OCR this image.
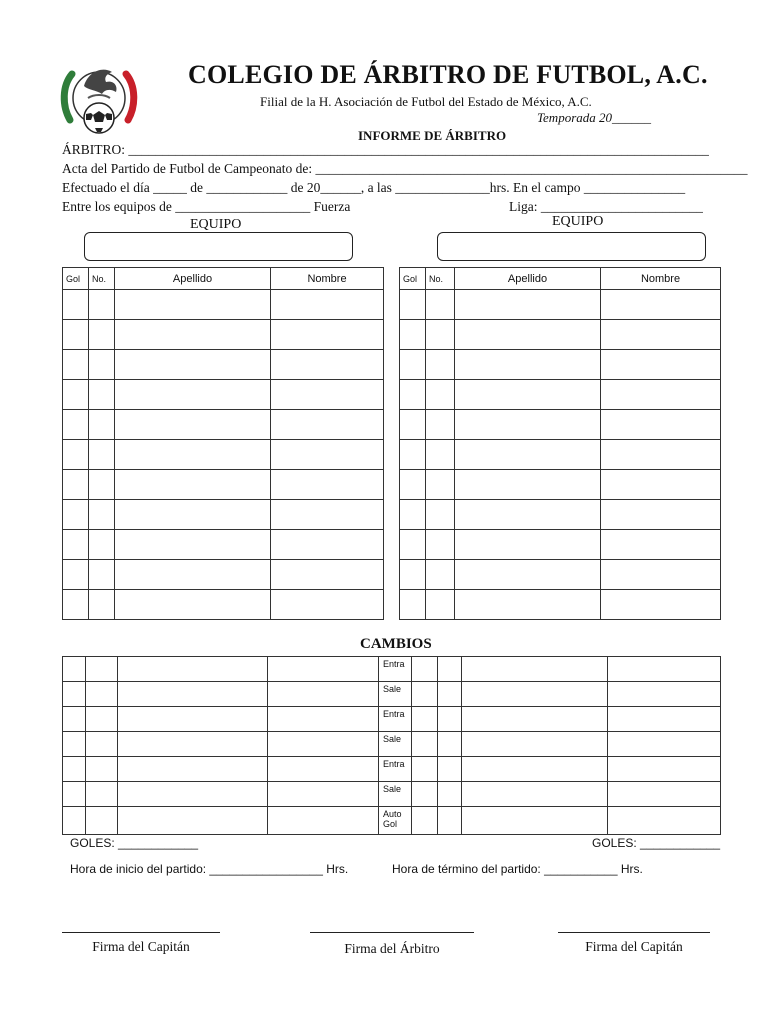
COLEGIO DE ÁRBITRO DE FUTBOL, A.C.
Filial de la H. Asociación de Futbol del Estado de México, A.C.
Temporada 20______
INFORME DE ÁRBITRO
ÁRBITRO: ______________________________________________________________________________________
Acta del Partido de Futbol de Campeonato de: ________________________________________________________________
Efectuado el día _____ de ____________ de 20______, a las ______________hrs. En el campo _______________
Entre los equipos de ____________________ Fuerza	Liga: ________________________
EQUIPO	EQUIPO
Gol	No.	Apellido	Nombre

				Gol	No.	Apellido	Nombre

CAMBIOS
				Entra				
				Sale				
				Entra				
				Sale				
				Entra				
				Sale				
				Auto Gol				
GOLES: ____________	GOLES: ____________
Hora de inicio del partido: _________________ Hrs.	Hora de término del partido: ___________ Hrs.
Firma del Capitán	Firma del Árbitro	Firma del Capitán
